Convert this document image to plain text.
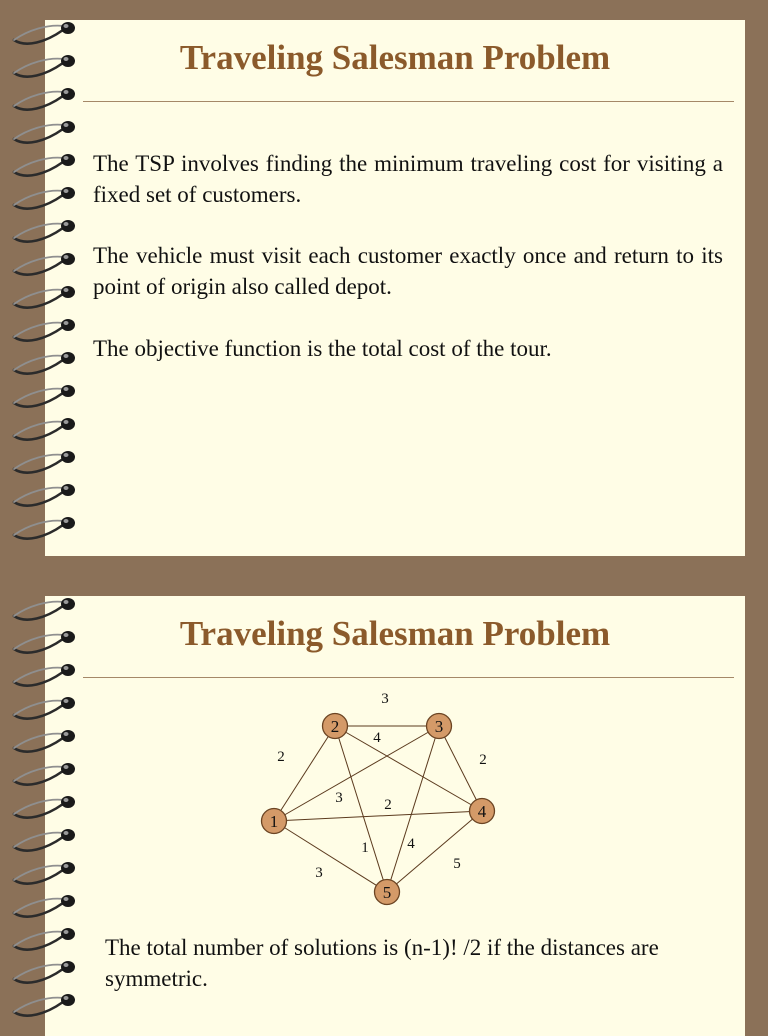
Traveling Salesman Problem

The TSP involves finding the minimum traveling cost for visiting a fixed set of customers.

The vehicle must visit each customer exactly once and return to its point of origin also called depot.

The objective function is the total cost of the tour.

Traveling Salesman Problem
3
4
2	2
3	2
1	4
5
3
1
2	3
4
5

The total number of solutions is (n-1)! /2 if the distances are symmetric.
